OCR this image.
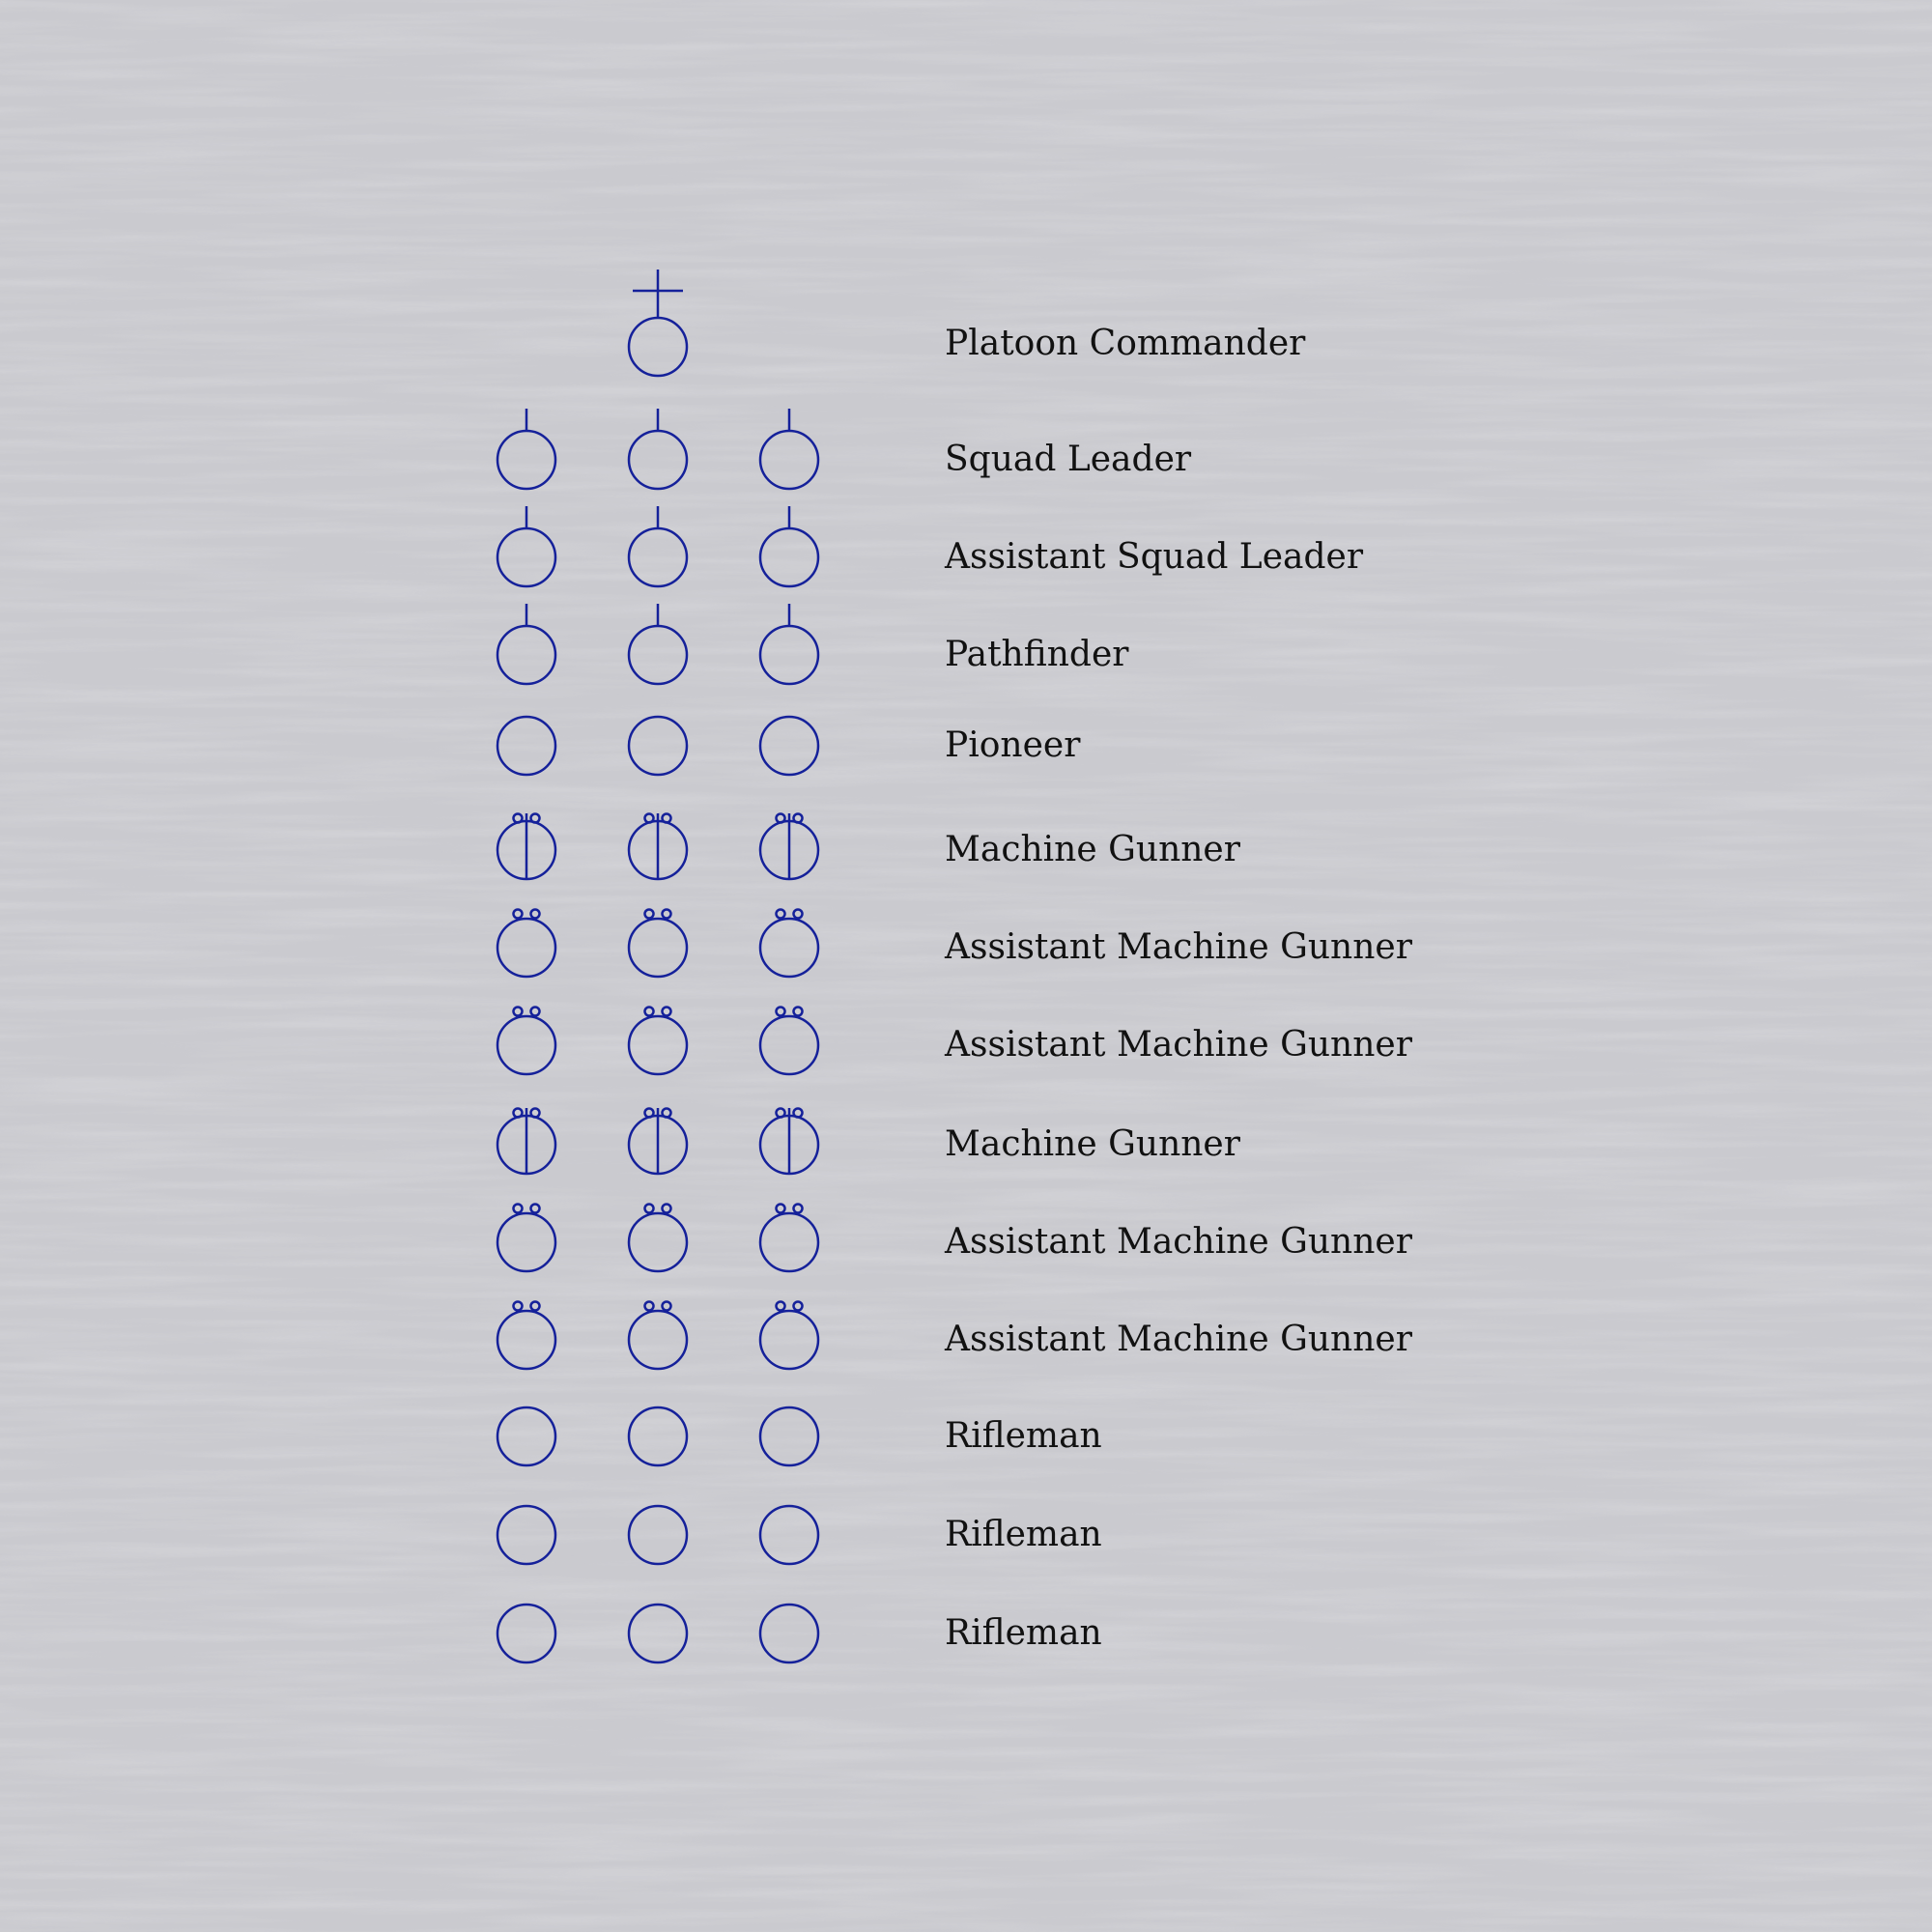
Platoon Commander
Squad Leader
Assistant Squad Leader
Pathfinder
Pioneer
Machine Gunner
Assistant Machine Gunner
Assistant Machine Gunner
Machine Gunner
Assistant Machine Gunner
Assistant Machine Gunner
Rifleman
Rifleman
Rifleman
